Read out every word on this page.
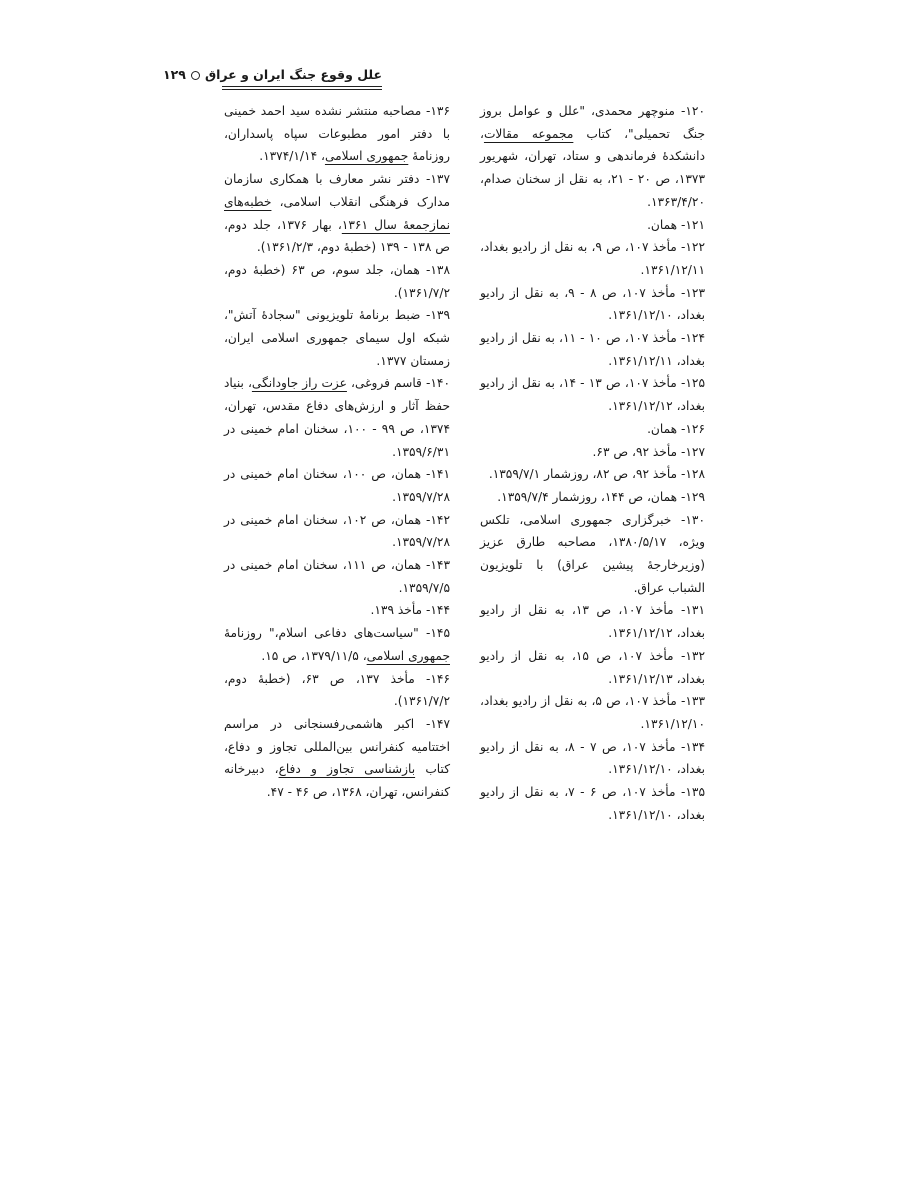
علل وقوع جنگ ایران و عراق۱۲۹

۱۲۰- منوچهر محمدی، "علل و عوامل بروز جنگ تحمیلی"، کتاب مجموعه مقالات، دانشکدهٔ فرماندهی و ستاد، تهران، شهریور ۱۳۷۳، ص ۲۰ - ۲۱، به نقل از سخنان صدام، ۱۳۶۳/۴/۲۰.

۱۲۱- همان.

۱۲۲- مأخذ ۱۰۷، ص ۹، به نقل از رادیو بغداد، ۱۳۶۱/۱۲/۱۱.

۱۲۳- مأخذ ۱۰۷، ص ۸ - ۹، به نقل از رادیو بغداد، ۱۳۶۱/۱۲/۱۰.

۱۲۴- مأخذ ۱۰۷، ص ۱۰ - ۱۱، به نقل از رادیو بغداد، ۱۳۶۱/۱۲/۱۱.

۱۲۵- مأخذ ۱۰۷، ص ۱۳ - ۱۴، به نقل از رادیو بغداد، ۱۳۶۱/۱۲/۱۲.

۱۲۶- همان.

۱۲۷- مأخذ ۹۲، ص ۶۳.

۱۲۸- مأخذ ۹۲، ص ۸۲، روزشمار ۱۳۵۹/۷/۱.

۱۲۹- همان، ص ۱۴۴، روزشمار ۱۳۵۹/۷/۴.

۱۳۰- خبرگزاری جمهوری اسلامی، تلکس ویژه، ۱۳۸۰/۵/۱۷، مصاحبه طارق عزیز (وزیرخارجهٔ پیشین عراق) با تلویزیون الشباب عراق.

۱۳۱- مأخذ ۱۰۷، ص ۱۳، به نقل از رادیو بغداد، ۱۳۶۱/۱۲/۱۲.

۱۳۲- مأخذ ۱۰۷، ص ۱۵، به نقل از رادیو بغداد، ۱۳۶۱/۱۲/۱۳.

۱۳۳- مأخذ ۱۰۷، ص ۵، به نقل از رادیو بغداد، ۱۳۶۱/۱۲/۱۰.

۱۳۴- مأخذ ۱۰۷، ص ۷ - ۸، به نقل از رادیو بغداد، ۱۳۶۱/۱۲/۱۰.

۱۳۵- مأخذ ۱۰۷، ص ۶ - ۷، به نقل از رادیو بغداد، ۱۳۶۱/۱۲/۱۰.

۱۳۶- مصاحبه منتشر نشده سید احمد خمینی با دفتر امور مطبوعات سپاه پاسداران، روزنامهٔ جمهوری اسلامی، ۱۳۷۴/۱/۱۴.

۱۳۷- دفتر نشر معارف با همکاری سازمان مدارک فرهنگی انقلاب اسلامی، خطبه‌های نمازجمعهٔ سال ۱۳۶۱، بهار ۱۳۷۶، جلد دوم، ص ۱۳۸ - ۱۳۹ (خطبهٔ دوم، ۱۳۶۱/۲/۳).

۱۳۸- همان، جلد سوم، ص ۶۳ (خطبهٔ دوم، ۱۳۶۱/۷/۲).

۱۳۹- ضبط برنامهٔ تلویزیونی "سجادهٔ آتش"، شبکه اول سیمای جمهوری اسلامی ایران، زمستان ۱۳۷۷.

۱۴۰- قاسم فروغی، عزت راز جاودانگی، بنیاد حفظ آثار و ارزش‌های دفاع مقدس، تهران، ۱۳۷۴، ص ۹۹ - ۱۰۰، سخنان امام خمینی در ۱۳۵۹/۶/۳۱.

۱۴۱- همان، ص ۱۰۰، سخنان امام خمینی در ۱۳۵۹/۷/۲۸.

۱۴۲- همان، ص ۱۰۲، سخنان امام خمینی در ۱۳۵۹/۷/۲۸.

۱۴۳- همان، ص ۱۱۱، سخنان امام خمینی در ۱۳۵۹/۷/۵.

۱۴۴- مأخذ ۱۳۹.

۱۴۵- "سیاست‌های دفاعی اسلام،" روزنامهٔ جمهوری اسلامی، ۱۳۷۹/۱۱/۵، ص ۱۵.

۱۴۶- مأخذ ۱۳۷، ص ۶۳، (خطبهٔ دوم، ۱۳۶۱/۷/۲).

۱۴۷- اکبر هاشمی‌رفسنجانی در مراسم اختتامیه کنفرانس بین‌المللی تجاوز و دفاع، کتاب بازشناسی تجاوز و دفاع، دبیرخانه کنفرانس، تهران، ۱۳۶۸، ص ۴۶ - ۴۷.
